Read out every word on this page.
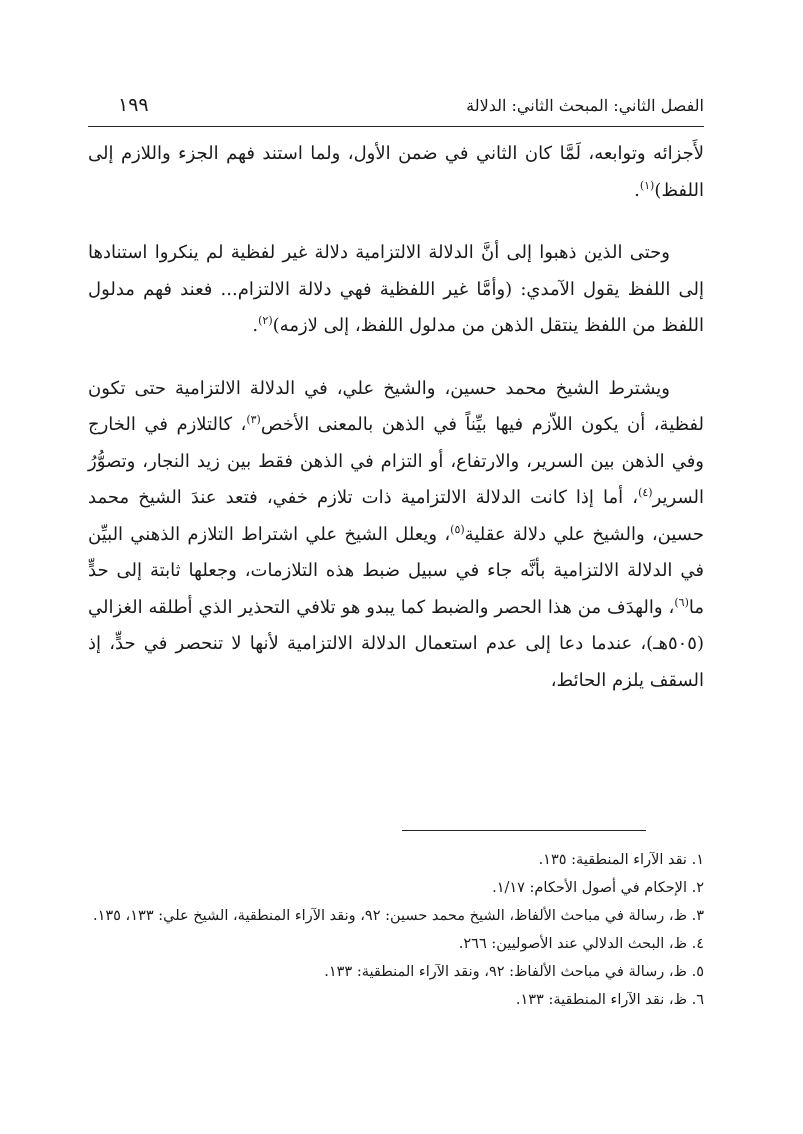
الفصل الثاني: المبحث الثاني: الدلالة
١٩٩

لأَجزائه وتوابعه، لَمَّا كان الثاني في ضمن الأول، ولما استند فهم الجزء واللازم إلى اللفظ)$^{(١)}$.

وحتى الذين ذهبوا إلى أنَّ الدلالة الالتزامية دلالة غير لفظية لم ينكروا استنادها إلى اللفظ يقول الآمدي: (وأمَّا غير اللفظية فهي دلالة الالتزام... فعند فهم مدلول اللفظ من اللفظ ينتقل الذهن من مدلول اللفظ، إلى لازمه)$^{(٢)}$.

ويشترط الشيخ محمد حسين، والشيخ علي، في الدلالة الالتزامية حتى تكون لفظية، أن يكون اللاّزم فيها بيِّناً في الذهن بالمعنى الأخص$^{(٣)}$، كالتلازم في الخارج وفي الذهن بين السرير، والارتفاع، أو التزام في الذهن فقط بين زيد النجار، وتصوُّرُ السرير$^{(٤)}$، أما إذا كانت الدلالة الالتزامية ذات تلازم خفي، فتعد عندَ الشيخ محمد حسين، والشيخ علي دلالة عقلية$^{(٥)}$، ويعلل الشيخ علي اشتراط التلازم الذهني البيِّن في الدلالة الالتزامية بأنَّه جاء في سبيل ضبط هذه التلازمات، وجعلها ثابتة إلى حدٍّ ما$^{(٦)}$، والهدَف من هذا الحصر والضبط كما يبدو هو تلافي التحذير الذي أطلقه الغزالي (٥٠٥هـ)، عندما دعا إلى عدم استعمال الدلالة الالتزامية لأنها لا تنحصر في حدٍّ، إذ السقف يلزم الحائط،

١. نقد الآراء المنطقية: ١٣٥.

٢. الإحكام في أصول الأحكام: ١/١٧.

٣. ظ، رسالة في مباحث الألفاظ، الشيخ محمد حسين: ٩٢، ونقد الآراء المنطقية، الشيخ علي: ١٣٣، ١٣٥.

٤. ظ، البحث الدلالي عند الأصوليين: ٢٦٦.

٥. ظ، رسالة في مباحث الألفاظ: ٩٢، ونقد الآراء المنطقية: ١٣٣.

٦. ظ، نقد الآراء المنطقية: ١٣٣.
